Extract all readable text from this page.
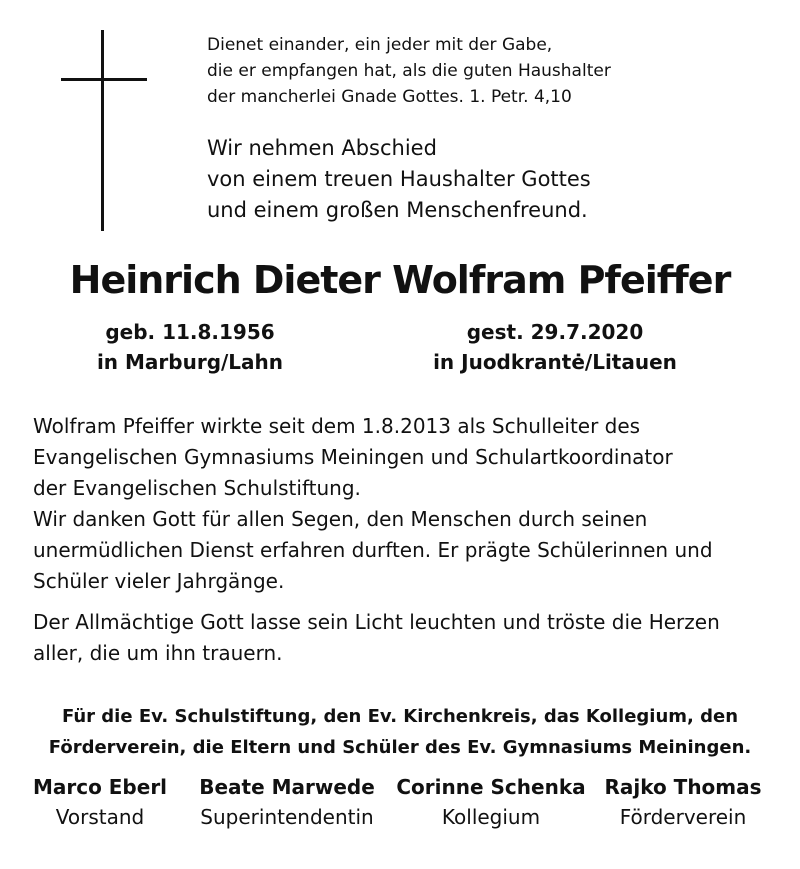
Dienet einander, ein jeder mit der Gabe,
die er empfangen hat, als die guten Haushalter
der mancherlei Gnade Gottes. 1. Petr. 4,10
Wir nehmen Abschied
von einem treuen Haushalter Gottes
und einem großen Menschenfreund.
Heinrich Dieter Wolfram Pfeiffer
geb. 11.8.1956
in Marburg/Lahn
gest. 29.7.2020
in Juodkrantė/Litauen
Wolfram Pfeiffer wirkte seit dem 1.8.2013 als Schulleiter des
Evangelischen Gymnasiums Meiningen und Schulartkoordinator
der Evangelischen Schulstiftung.
Wir danken Gott für allen Segen, den Menschen durch seinen
unermüdlichen Dienst erfahren durften. Er prägte Schülerinnen und
Schüler vieler Jahrgänge.
Der Allmächtige Gott lasse sein Licht leuchten und tröste die Herzen
aller, die um ihn trauern.
Für die Ev. Schulstiftung, den Ev. Kirchenkreis, das Kollegium, den
Förderverein, die Eltern und Schüler des Ev. Gymnasiums Meiningen.
Marco Eberl
Vorstand
Beate Marwede
Superintendentin
Corinne Schenka
Kollegium
Rajko Thomas
Förderverein
